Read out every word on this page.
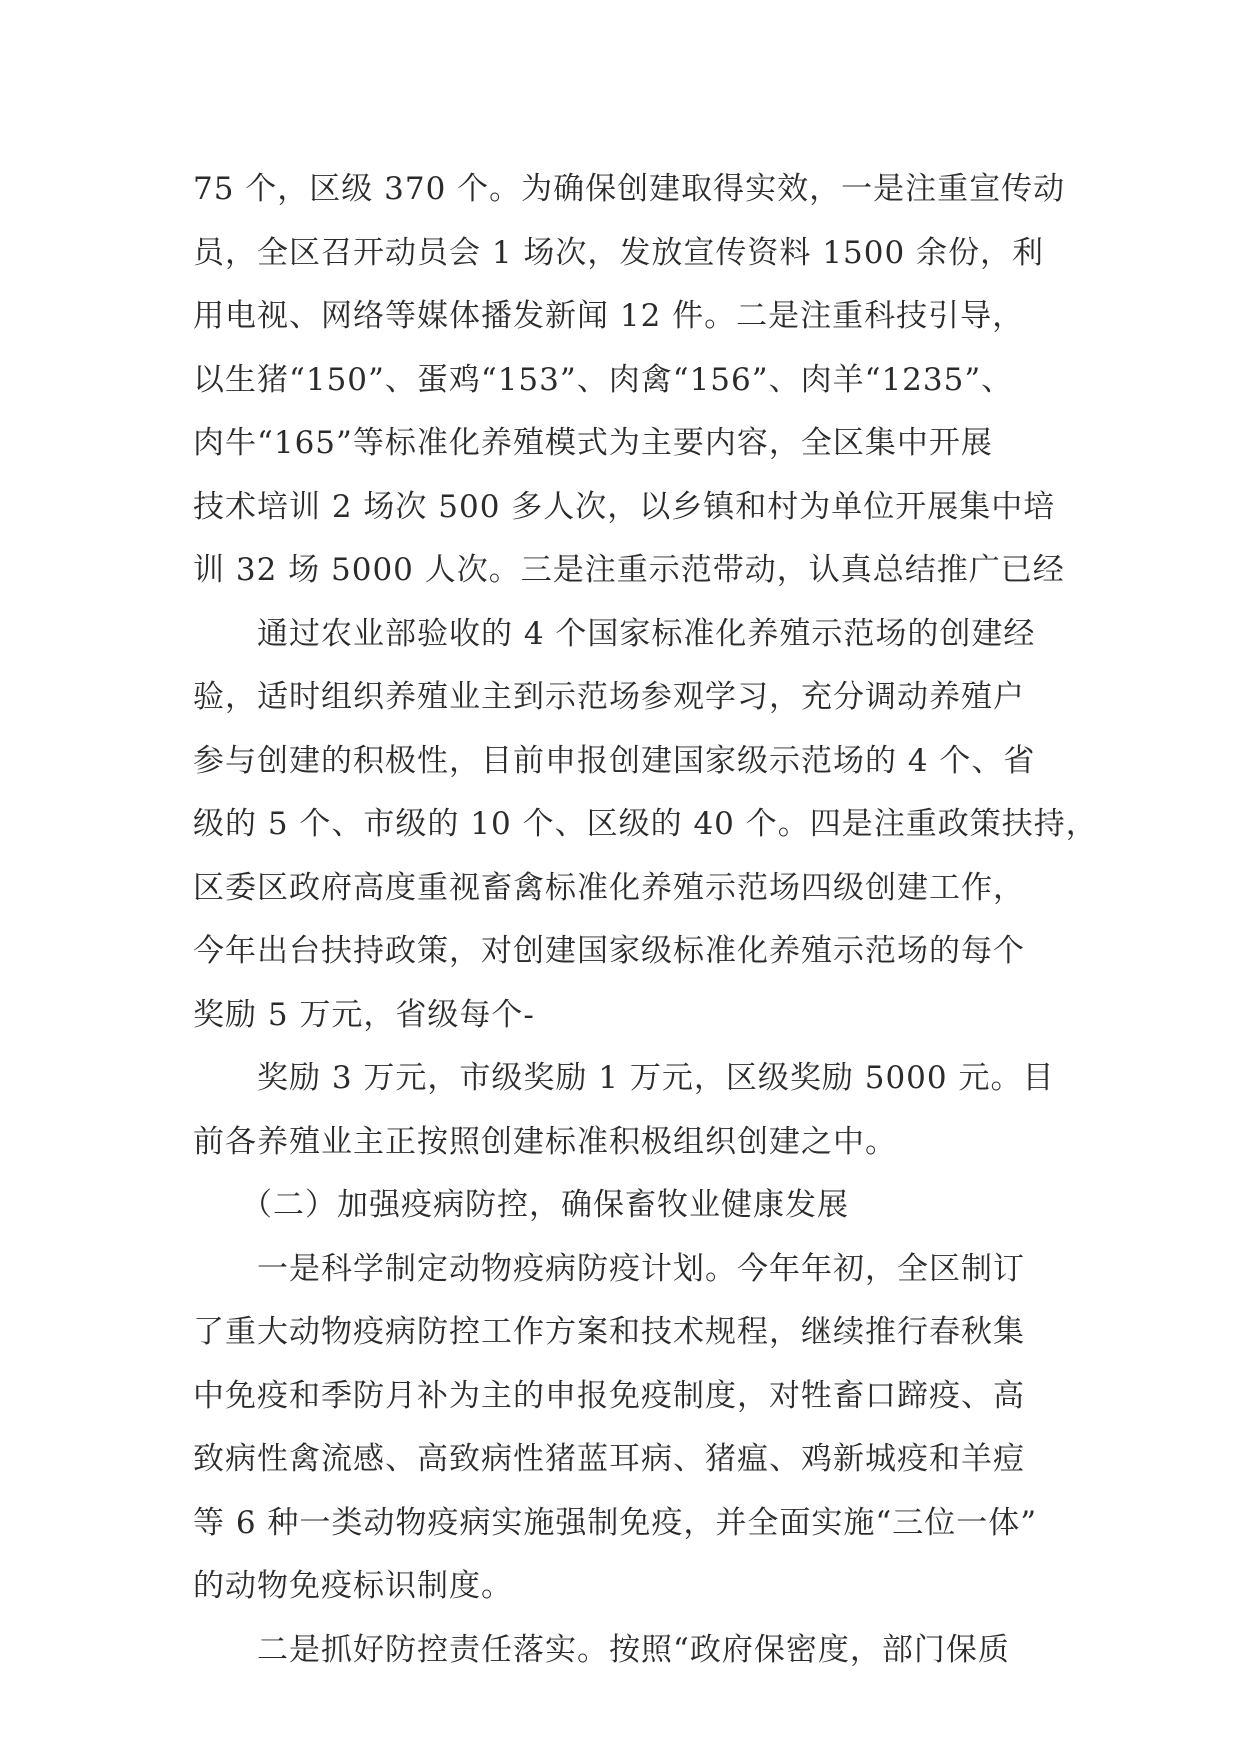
75 个，区级 370 个。为确保创建取得实效，一是注重宣传动
员，全区召开动员会 1 场次，发放宣传资料 1500 余份，利
用电视、网络等媒体播发新闻 12 件。二是注重科技引导，
以生猪“150”、蛋鸡“153”、肉禽“156”、肉羊“1235”、
肉牛“165”等标准化养殖模式为主要内容，全区集中开展
技术培训 2 场次 500 多人次，以乡镇和村为单位开展集中培
训 32 场 5000 人次。三是注重示范带动，认真总结推广已经
通过农业部验收的 4 个国家标准化养殖示范场的创建经
验，适时组织养殖业主到示范场参观学习，充分调动养殖户
参与创建的积极性，目前申报创建国家级示范场的 4 个、省
级的 5 个、市级的 10 个、区级的 40 个。四是注重政策扶持，
区委区政府高度重视畜禽标准化养殖示范场四级创建工作，
今年出台扶持政策，对创建国家级标准化养殖示范场的每个
奖励 5 万元，省级每个-
奖励 3 万元，市级奖励 1 万元，区级奖励 5000 元。目
前各养殖业主正按照创建标准积极组织创建之中。
（二）加强疫病防控，确保畜牧业健康发展
一是科学制定动物疫病防疫计划。今年年初，全区制订
了重大动物疫病防控工作方案和技术规程，继续推行春秋集
中免疫和季防月补为主的申报免疫制度，对牲畜口蹄疫、高
致病性禽流感、高致病性猪蓝耳病、猪瘟、鸡新城疫和羊痘
等 6 种一类动物疫病实施强制免疫，并全面实施“三位一体”
的动物免疫标识制度。
二是抓好防控责任落实。按照“政府保密度，部门保质
